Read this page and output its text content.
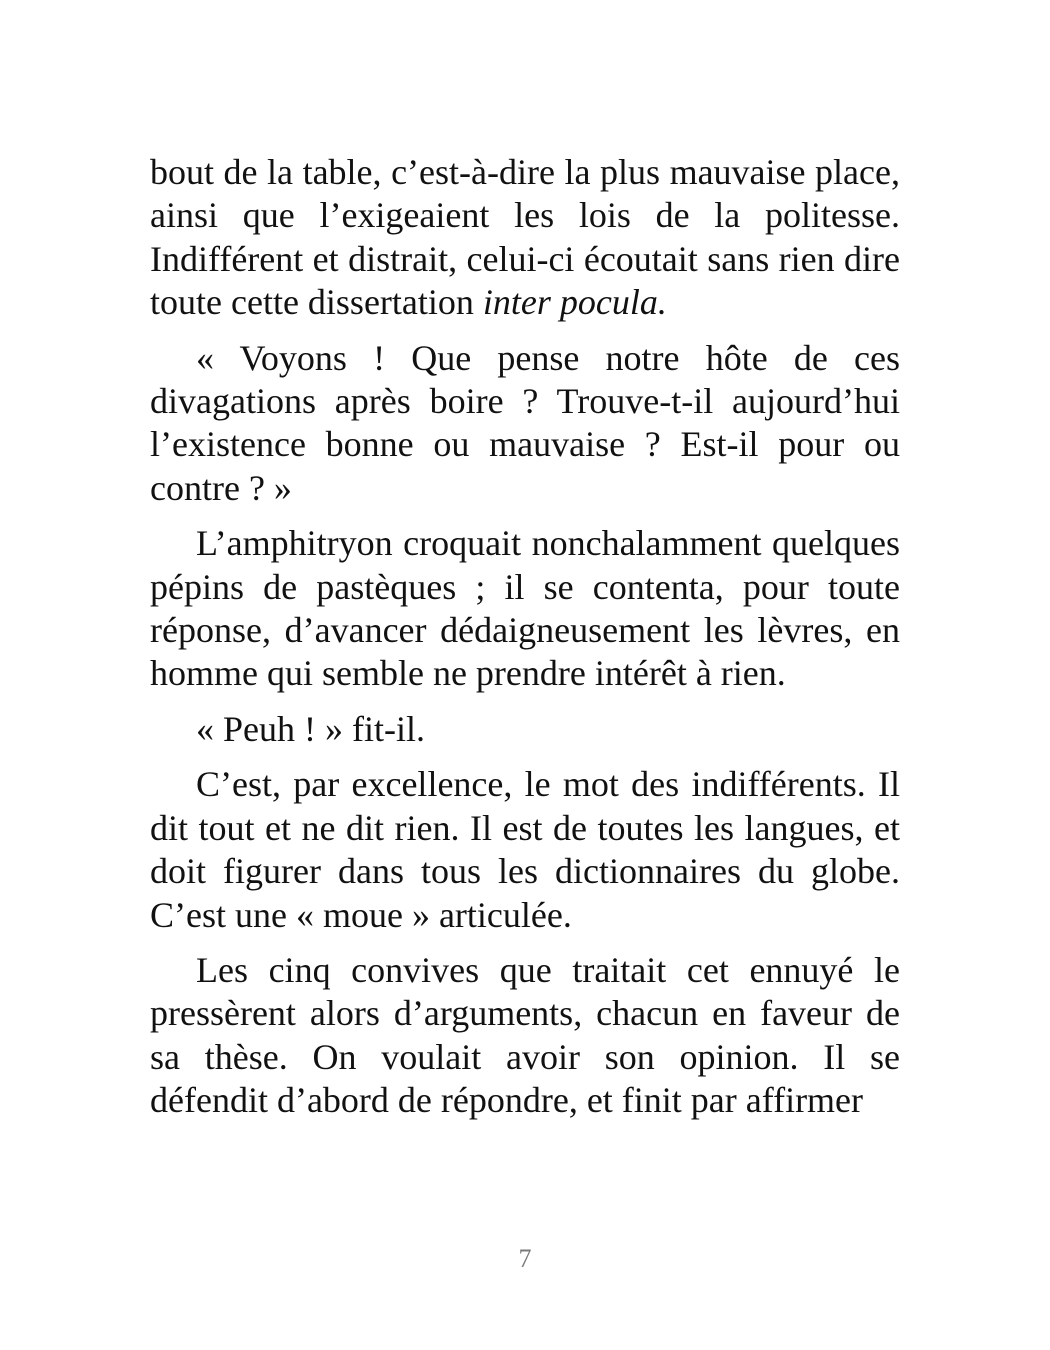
bout de la table, c’est-à-dire la plus mauvaise place, ainsi que l’exigeaient les lois de la politesse. Indifférent et distrait, celui-ci écoutait sans rien dire toute cette dissertation inter pocula.

« Voyons ! Que pense notre hôte de ces divagations après boire ? Trouve-t-il aujourd’hui l’existence bonne ou mauvaise ? Est-il pour ou contre ? »

L’amphitryon croquait nonchalamment quelques pépins de pastèques ; il se contenta, pour toute réponse, d’avancer dédaigneusement les lèvres, en homme qui semble ne prendre intérêt à rien.

« Peuh ! » fit-il.

C’est, par excellence, le mot des indifférents. Il dit tout et ne dit rien. Il est de toutes les langues, et doit figurer dans tous les dictionnaires du globe. C’est une « moue » articulée.

Les cinq convives que traitait cet ennuyé le pressèrent alors d’arguments, chacun en faveur de sa thèse. On voulait avoir son opinion. Il se défendit d’abord de répondre, et finit par affirmer

7
